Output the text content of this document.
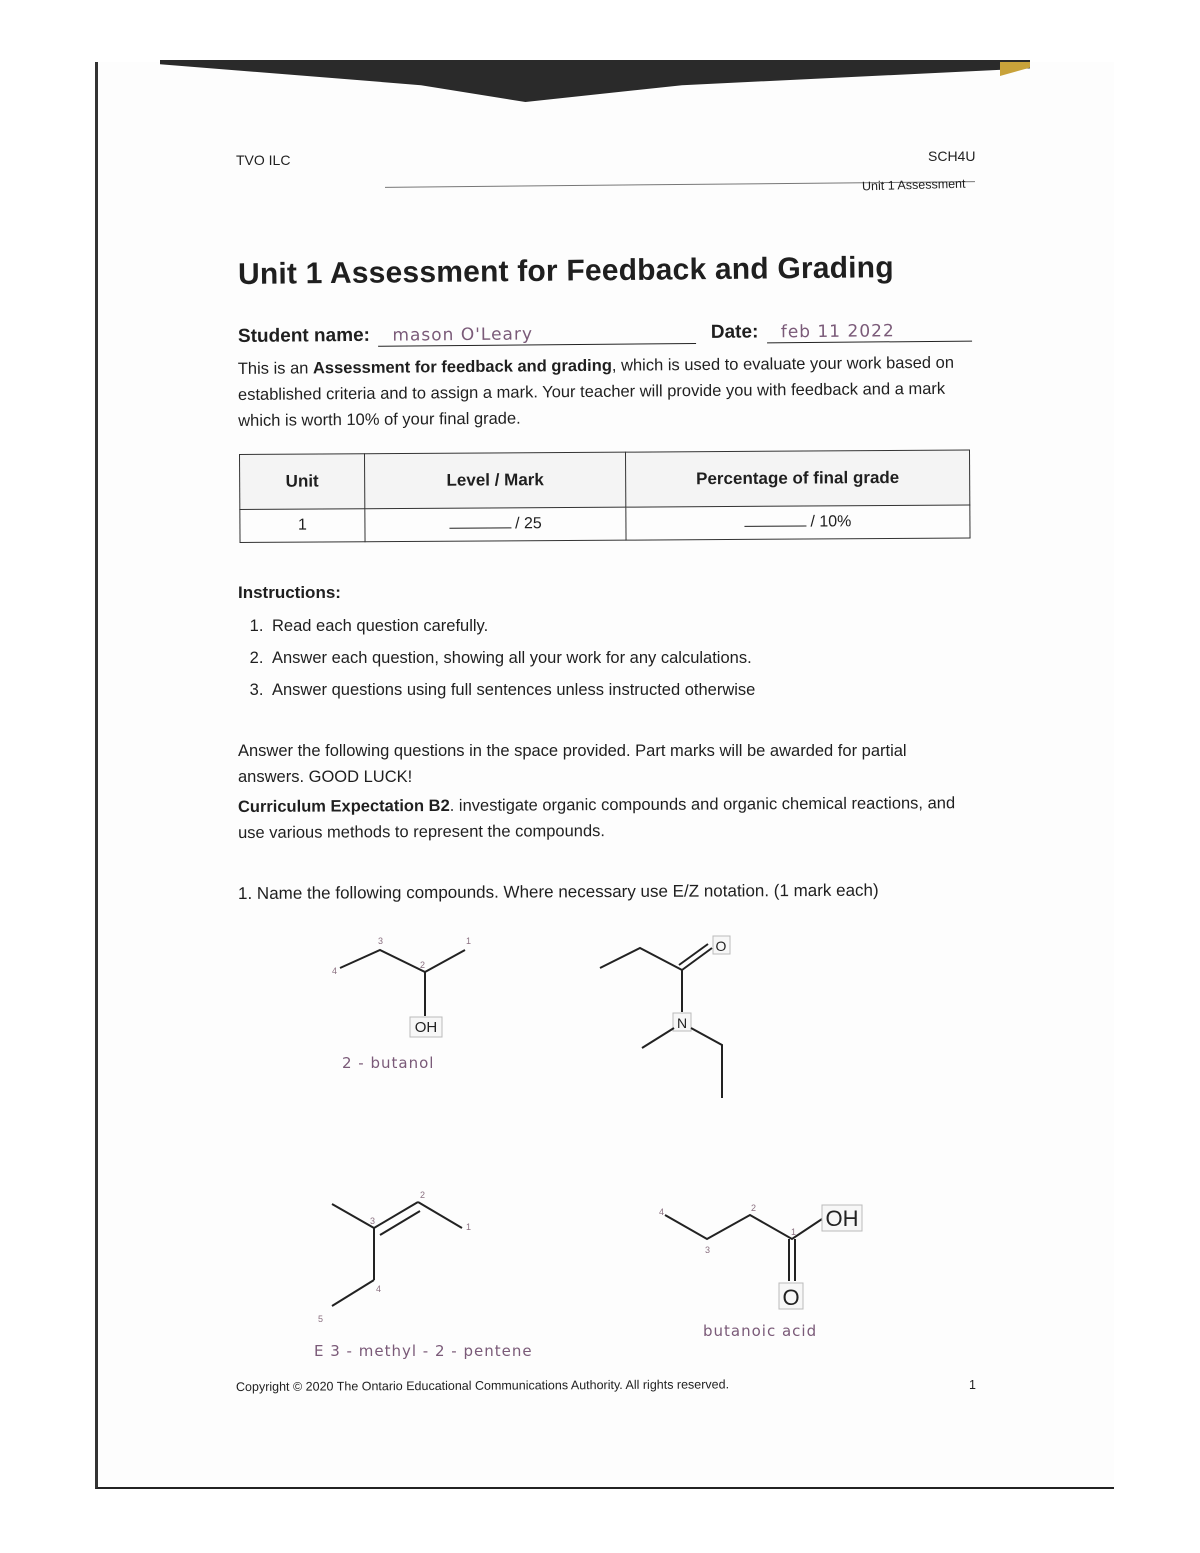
TVO ILC	SCH4U
Unit 1 Assessment
Unit 1 Assessment for Feedback and Grading
Student name: mason O'Leary	Date: feb 11 2022
This is an Assessment for feedback and grading, which is used to evaluate your work based on established criteria and to assign a mark. Your teacher will provide you with feedback and a mark which is worth 10% of your final grade.
Unit	Level / Mark	Percentage of final grade
1	/ 25	/ 10%
Instructions:
1. Read each question carefully.
2. Answer each question, showing all your work for any calculations.
3. Answer questions using full sentences unless instructed otherwise
Answer the following questions in the space provided. Part marks will be awarded for partial answers. GOOD LUCK!
Curriculum Expectation B2. investigate organic compounds and organic chemical reactions, and use various methods to represent the compounds.
1. Name the following compounds. Where necessary use E/Z notation. (1 mark each)
OH
4
3
2
1
2 - butanol
O
N
2
3
1
4
5
E 3 - methyl - 2 - pentene
OH
O
4
3
2
1
butanoic acid
Copyright © 2020 The Ontario Educational Communications Authority. All rights reserved.	1
